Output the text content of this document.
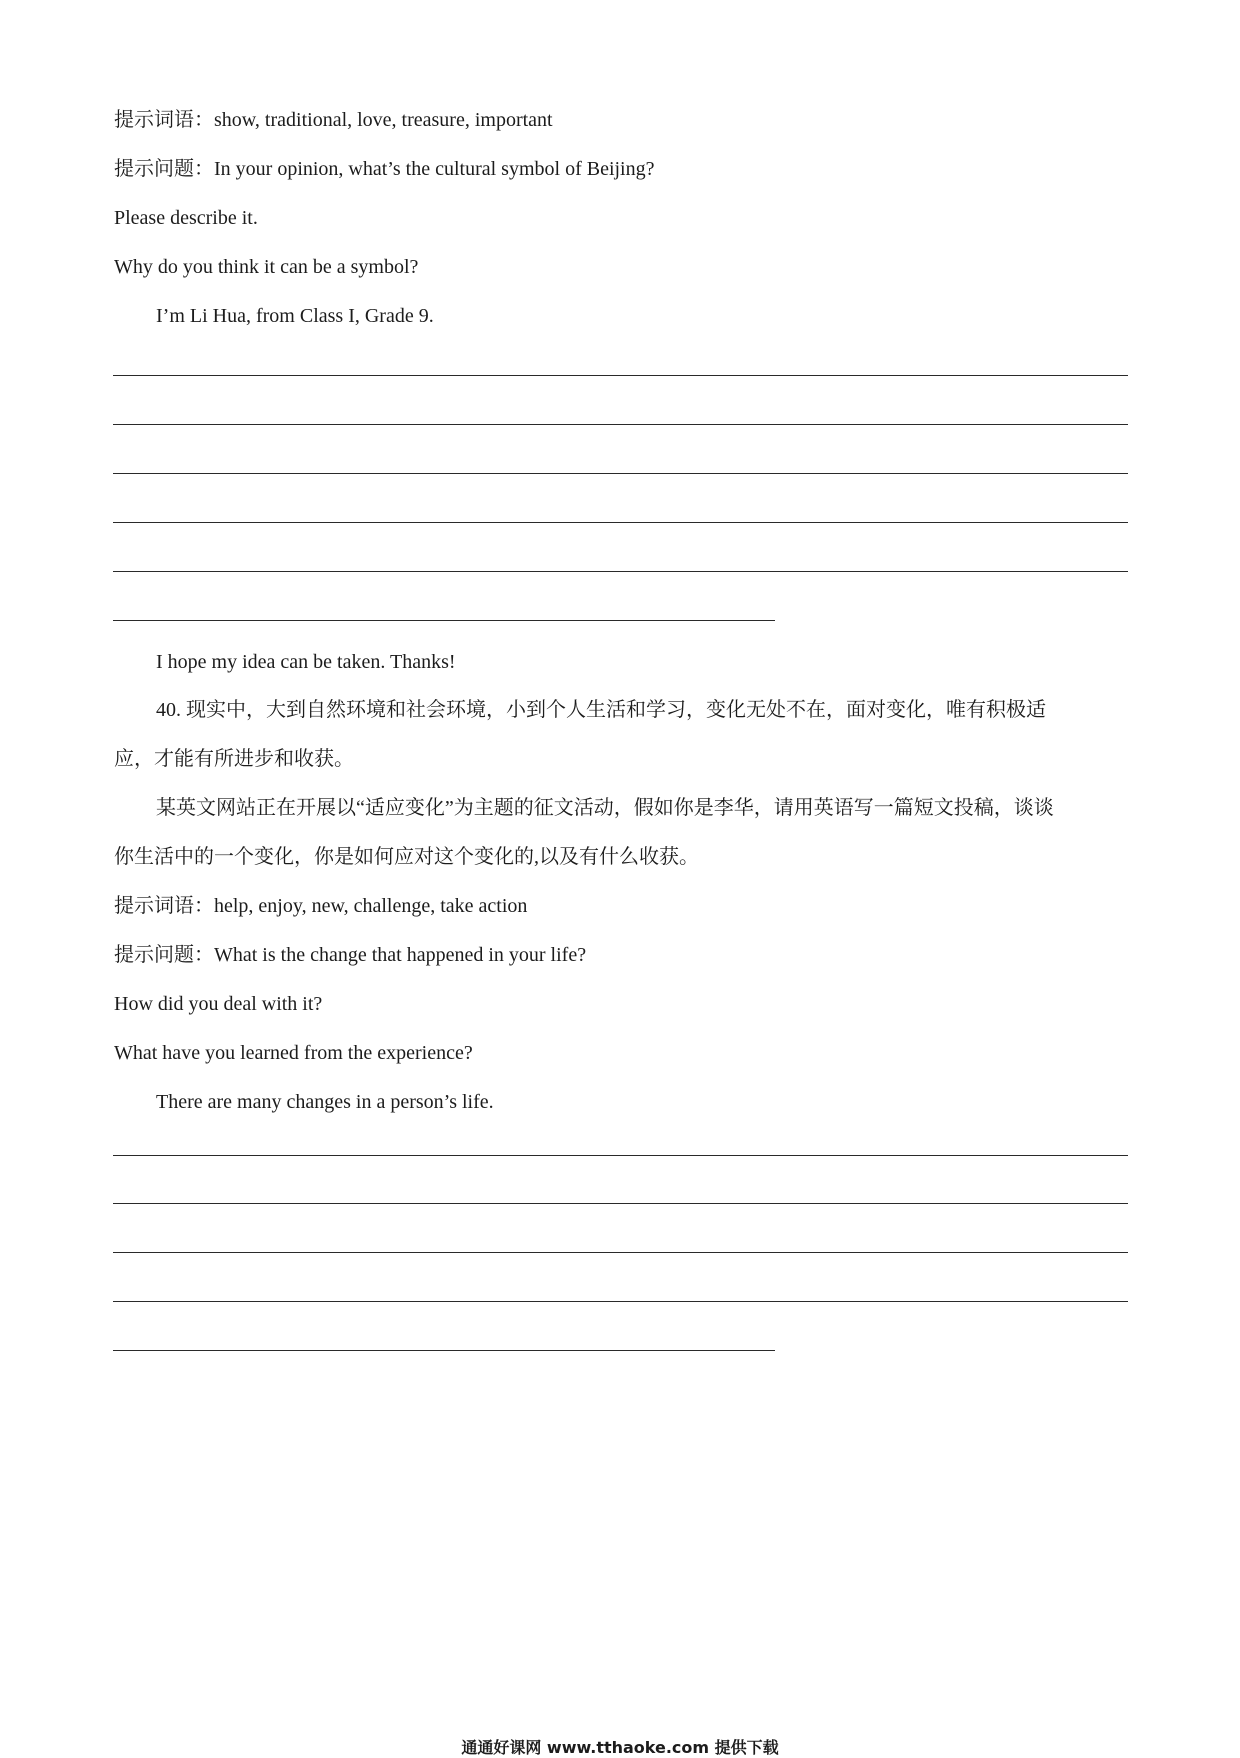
提示词语：show, traditional, love, treasure, important
提示问题：In your opinion, what’s the cultural symbol of Beijing?
Please describe it.
Why do you think it can be a symbol?
I’m Li Hua, from Class I, Grade 9.
I hope my idea can be taken. Thanks!
40. 现实中，大到自然环境和社会环境，小到个人生活和学习，变化无处不在，面对变化，唯有积极适
应，才能有所进步和收获。
某英文网站正在开展以“适应变化”为主题的征文活动，假如你是李华，请用英语写一篇短文投稿，谈谈
你生活中的一个变化，你是如何应对这个变化的,以及有什么收获。
提示词语：help, enjoy, new, challenge, take action
提示问题：What is the change that happened in your life?
How did you deal with it?
What have you learned from the experience?
There are many changes in a person’s life.
通通好课网 www.tthaoke.com 提供下载
